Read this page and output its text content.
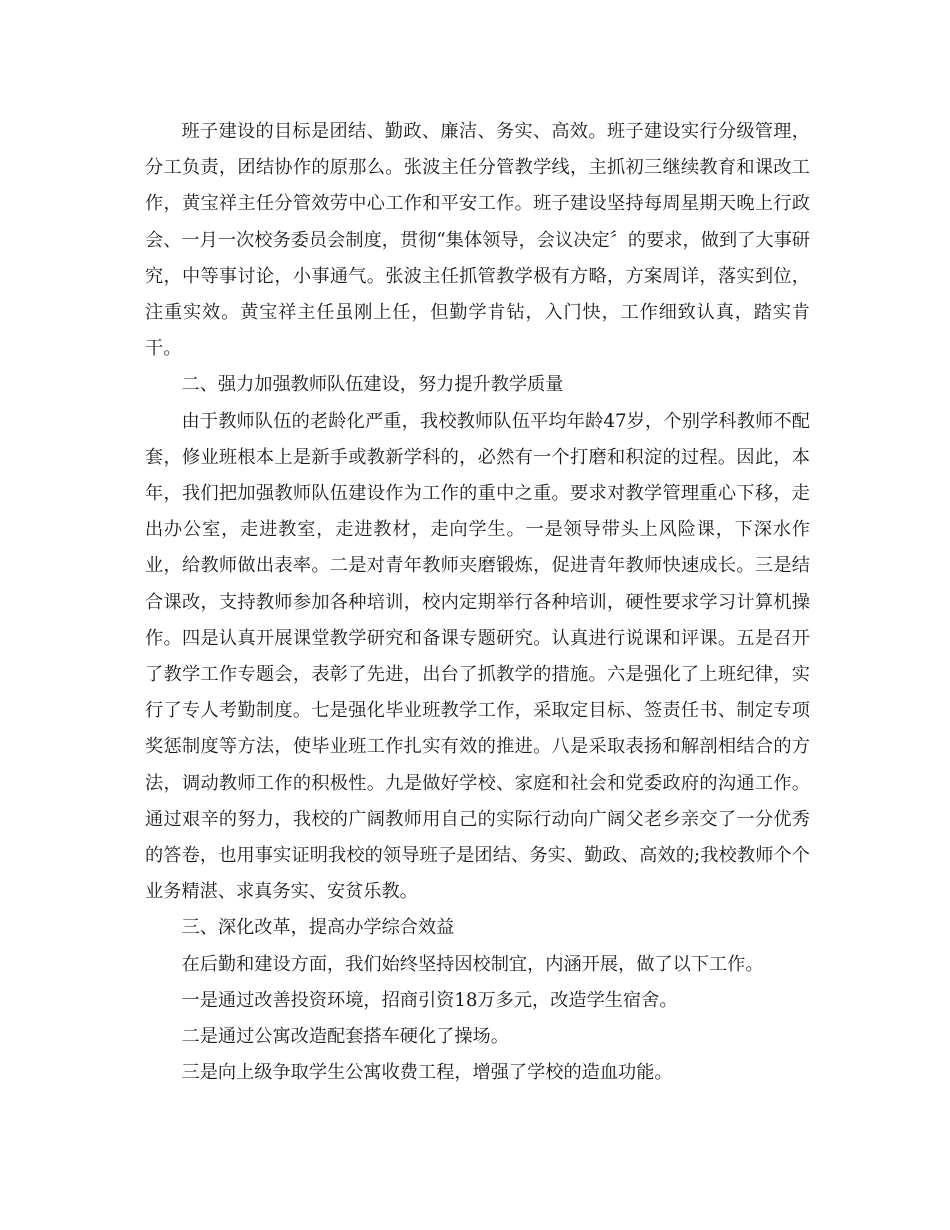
班子建设的目标是团结、勤政、廉洁、务实、高效。班子建设实行分级管理，分工负责，团结协作的原那么。张波主任分管教学线，主抓初三继续教育和课改工作，黄宝祥主任分管效劳中心工作和平安工作。班子建设坚持每周星期天晚上行政会、一月一次校务委员会制度，贯彻“集体领导，会议决定〞的要求，做到了大事研究，中等事讨论，小事通气。张波主任抓管教学极有方略，方案周详，落实到位，注重实效。黄宝祥主任虽刚上任，但勤学肯钻，入门快，工作细致认真，踏实肯干。

二、强力加强教师队伍建设，努力提升教学质量

由于教师队伍的老龄化严重，我校教师队伍平均年龄47岁，个别学科教师不配套，修业班根本上是新手或教新学科的，必然有一个打磨和积淀的过程。因此，本年，我们把加强教师队伍建设作为工作的重中之重。要求对教学管理重心下移，走出办公室，走进教室，走进教材，走向学生。一是领导带头上风险课，下深水作业，给教师做出表率。二是对青年教师夹磨锻炼，促进青年教师快速成长。三是结合课改，支持教师参加各种培训，校内定期举行各种培训，硬性要求学习计算机操作。四是认真开展课堂教学研究和备课专题研究。认真进行说课和评课。五是召开了教学工作专题会，表彰了先进，出台了抓教学的措施。六是强化了上班纪律，实行了专人考勤制度。七是强化毕业班教学工作，采取定目标、签责任书、制定专项奖惩制度等方法，使毕业班工作扎实有效的推进。八是采取表扬和解剖相结合的方法，调动教师工作的积极性。九是做好学校、家庭和社会和党委政府的沟通工作。通过艰辛的努力，我校的广阔教师用自己的实际行动向广阔父老乡亲交了一分优秀的答卷，也用事实证明我校的领导班子是团结、务实、勤政、高效的;我校教师个个业务精湛、求真务实、安贫乐教。

三、深化改革，提高办学综合效益

在后勤和建设方面，我们始终坚持因校制宜，内涵开展，做了以下工作。

一是通过改善投资环境，招商引资18万多元，改造学生宿舍。

二是通过公寓改造配套搭车硬化了操场。

三是向上级争取学生公寓收费工程，增强了学校的造血功能。
